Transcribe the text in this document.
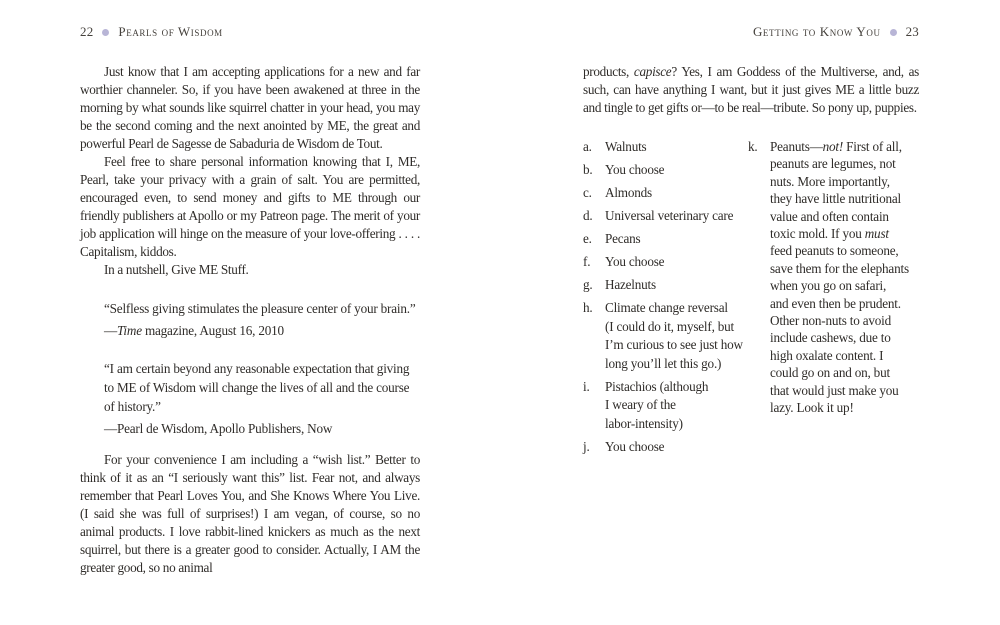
22 Pearls of Wisdom

Just know that I am accepting applications for a new and far worthier channeler. So, if you have been awakened at three in the morning by what sounds like squirrel chatter in your head, you may be the second coming and the next anointed by ME, the great and powerful Pearl de Sagesse de Sabaduria de Wisdom de Tout.

Feel free to share personal information knowing that I, ME, Pearl, take your privacy with a grain of salt. You are permitted, encouraged even, to send money and gifts to ME through our friendly publishers at Apollo or my Patreon page. The merit of your job application will hinge on the measure of your love-offering . . . . Capitalism, kiddos.

In a nutshell, Give ME Stuff.

“Selfless giving stimulates the pleasure center of your brain.”
—Time magazine, August 16, 2010
“I am certain beyond any reasonable expectation that giving
to ME of Wisdom will change the lives of all and the course
of history.”
—Pearl de Wisdom, Apollo Publishers, Now

For your convenience I am including a “wish list.” Better to think of it as an “I seriously want this” list. Fear not, and always remember that Pearl Loves You, and She Knows Where You Live. (I said she was full of surprises!) I am vegan, of course, so no animal products. I love rabbit-lined knickers as much as the next squirrel, but there is a greater good to consider. Actually, I AM the greater good, so no animal

Getting to Know You 23

products, capisce? Yes, I am Goddess of the Multiverse, and, as such, can have anything I want, but it just gives ME a little buzz and tingle to get gifts or—to be real—tribute. So pony up, puppies.

a.	Walnuts
b. You choose
c.	Almonds
d. Universal veterinary care
e.	Pecans
f.	You choose
g. Hazelnuts
h. Climate change reversal
(I could do it, myself, but
I’m curious to see just how
long you’ll let this go.)
i.	Pistachios (although
I weary of the
labor-intensity)
j.	You choose
k. Peanuts—not! First of all,
peanuts are legumes, not
nuts. More importantly,
they have little nutritional
value and often contain
toxic mold. If you must
feed peanuts to someone,
save them for the elephants
when you go on safari,
and even then be prudent.
Other non-nuts to avoid
include cashews, due to
high oxalate content. I
could go on and on, but
that would just make you
lazy. Look it up!
